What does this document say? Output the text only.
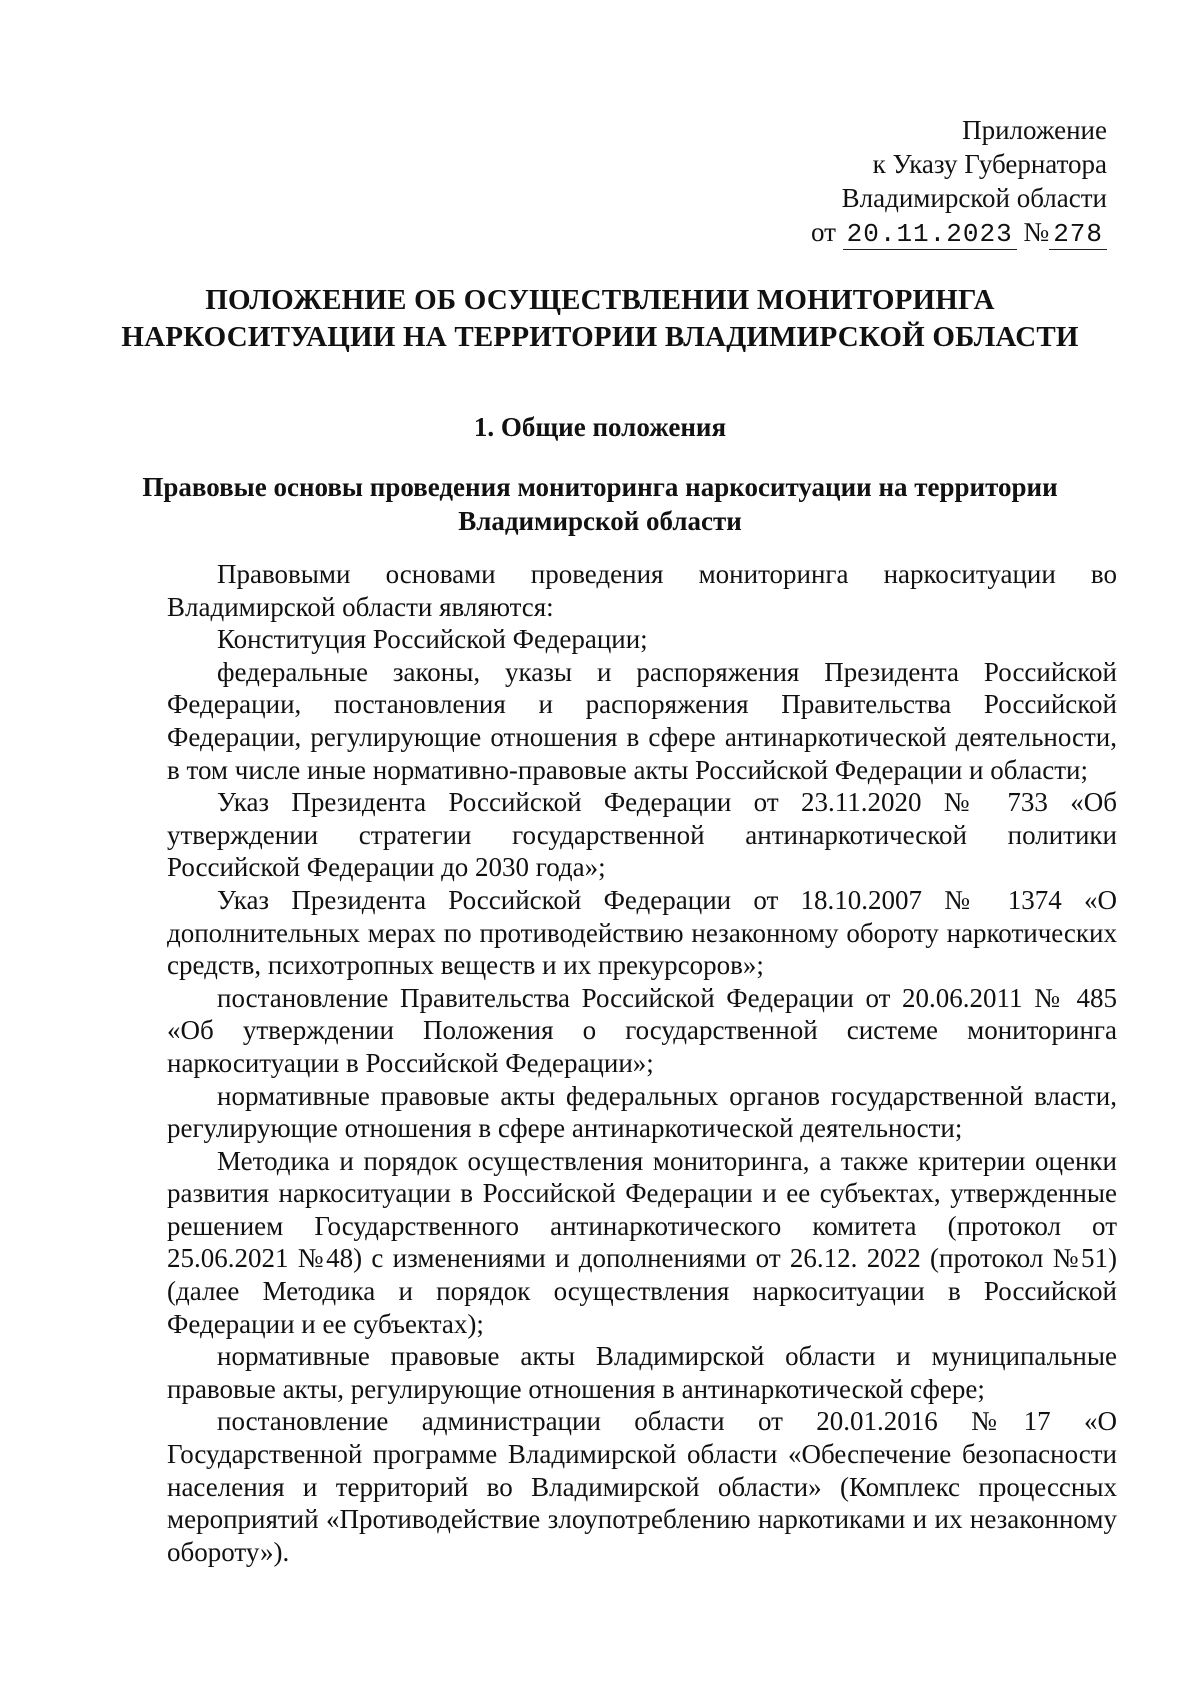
Приложение
к Указу Губернатора
Владимирской области
от 20.11.2023 № 278
ПОЛОЖЕНИЕ ОБ ОСУЩЕСТВЛЕНИИ МОНИТОРИНГА
НАРКОСИТУАЦИИ НА ТЕРРИТОРИИ ВЛАДИМИРСКОЙ ОБЛАСТИ
1. Общие положения
Правовые основы проведения мониторинга наркоситуации на территории
Владимирской области

Правовыми основами проведения мониторинга наркоситуации во Владимирской области являются:

Конституция Российской Федерации;

федеральные законы, указы и распоряжения Президента Российской Федерации, постановления и распоряжения Правительства Российской Федерации, регулирующие отношения в сфере антинаркотической деятельности, в том числе иные нормативно-правовые акты Российской Федерации и области;

Указ Президента Российской Федерации от 23.11.2020 № 733 «Об утверждении стратегии государственной антинаркотической политики Российской Федерации до 2030 года»;

Указ Президента Российской Федерации от 18.10.2007 № 1374 «О дополнительных мерах по противодействию незаконному обороту наркотических средств, психотропных веществ и их прекурсоров»;

постановление Правительства Российской Федерации от 20.06.2011 № 485 «Об утверждении Положения о государственной системе мониторинга наркоситуации в Российской Федерации»;

нормативные правовые акты федеральных органов государственной власти, регулирующие отношения в сфере антинаркотической деятельности;

Методика и порядок осуществления мониторинга, а также критерии оценки развития наркоситуации в Российской Федерации и ее субъектах, утвержденные решением Государственного антинаркотического комитета (протокол от 25.06.2021 №48) с изменениями и дополнениями от 26.12. 2022 (протокол №51) (далее Методика и порядок осуществления наркоситуации в Российской Федерации и ее субъектах);

нормативные правовые акты Владимирской области и муниципальные правовые акты, регулирующие отношения в антинаркотической сфере;

постановление администрации области от 20.01.2016 №17 «О Государственной программе Владимирской области «Обеспечение безопасности населения и территорий во Владимирской области» (Комплекс процессных мероприятий «Противодействие злоупотреблению наркотиками и их незаконному обороту»).
